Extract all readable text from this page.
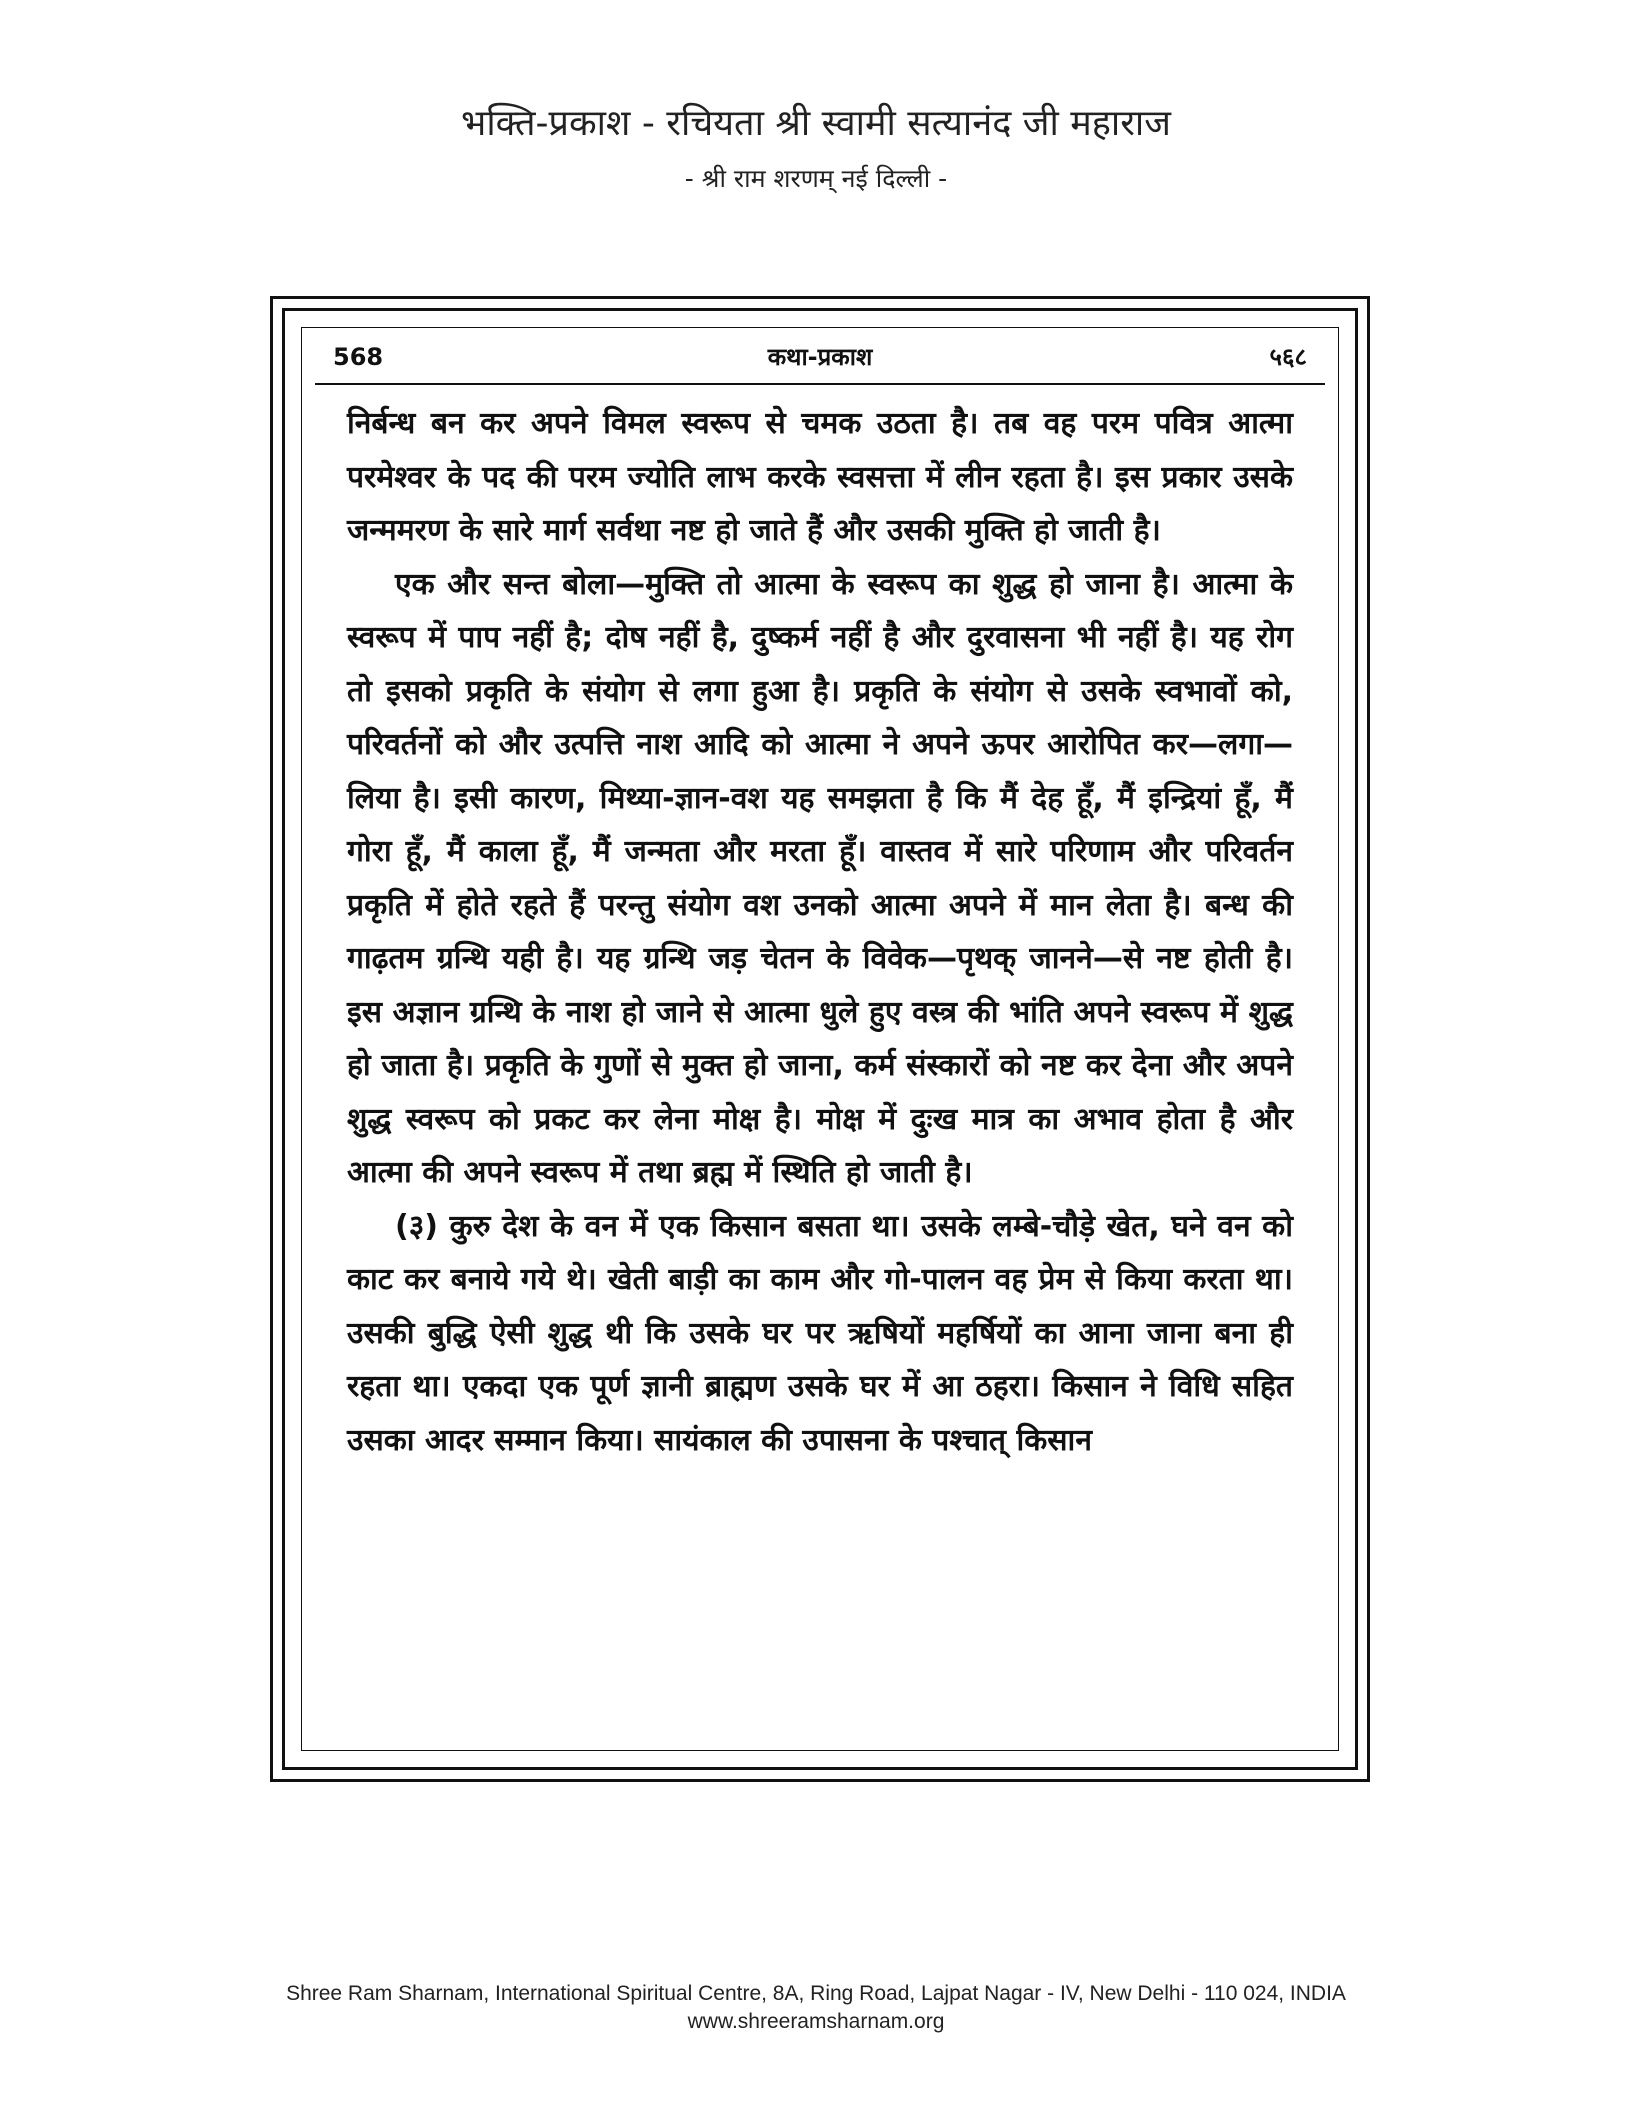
भक्ति-प्रकाश - रचियता श्री स्वामी सत्यानंद जी महाराज
- श्री राम शरणम् नई दिल्ली -
कथा-प्रकाश
568	५६८

निर्बन्ध बन कर अपने विमल स्वरूप से चमक उठता है। तब वह परम पवित्र आत्मा परमेश्वर के पद की परम ज्योति लाभ करके स्वसत्ता में लीन रहता है। इस प्रकार उसके जन्ममरण के सारे मार्ग सर्वथा नष्ट हो जाते हैं और उसकी मुक्ति हो जाती है।

एक और सन्त बोला—मुक्ति तो आत्मा के स्वरूप का शुद्ध हो जाना है। आत्मा के स्वरूप में पाप नहीं है; दोष नहीं है, दुष्कर्म नहीं है और दुरवासना भी नहीं है। यह रोग तो इसको प्रकृति के संयोग से लगा हुआ है। प्रकृति के संयोग से उसके स्वभावों को, परिवर्तनों को और उत्पत्ति नाश आदि को आत्मा ने अपने ऊपर आरोपित कर—लगा—लिया है। इसी कारण, मिथ्या-ज्ञान-वश यह समझता है कि मैं देह हूँ, मैं इन्द्रियां हूँ, मैं गोरा हूँ, मैं काला हूँ, मैं जन्मता और मरता हूँ। वास्तव में सारे परिणाम और परिवर्तन प्रकृति में होते रहते हैं परन्तु संयोग वश उनको आत्मा अपने में मान लेता है। बन्ध की गाढ़तम ग्रन्थि यही है। यह ग्रन्थि जड़ चेतन के विवेक—पृथक् जानने—से नष्ट होती है। इस अज्ञान ग्रन्थि के नाश हो जाने से आत्मा धुले हुए वस्त्र की भांति अपने स्वरूप में शुद्ध हो जाता है। प्रकृति के गुणों से मुक्त हो जाना, कर्म संस्कारों को नष्ट कर देना और अपने शुद्ध स्वरूप को प्रकट कर लेना मोक्ष है। मोक्ष में दुःख मात्र का अभाव होता है और आत्मा की अपने स्वरूप में तथा ब्रह्म में स्थिति हो जाती है।

(३) कुरु देश के वन में एक किसान बसता था। उसके लम्बे-चौड़े खेत, घने वन को काट कर बनाये गये थे। खेती बाड़ी का काम और गो-पालन वह प्रेम से किया करता था। उसकी बुद्धि ऐसी शुद्ध थी कि उसके घर पर ऋषियों महर्षियों का आना जाना बना ही रहता था। एकदा एक पूर्ण ज्ञानी ब्राह्मण उसके घर में आ ठहरा। किसान ने विधि सहित उसका आदर सम्मान किया। सायंकाल की उपासना के पश्चात् किसान

Shree Ram Sharnam, International Spiritual Centre, 8A, Ring Road, Lajpat Nagar - IV, New Delhi - 110 024, INDIA
www.shreeramsharnam.org
